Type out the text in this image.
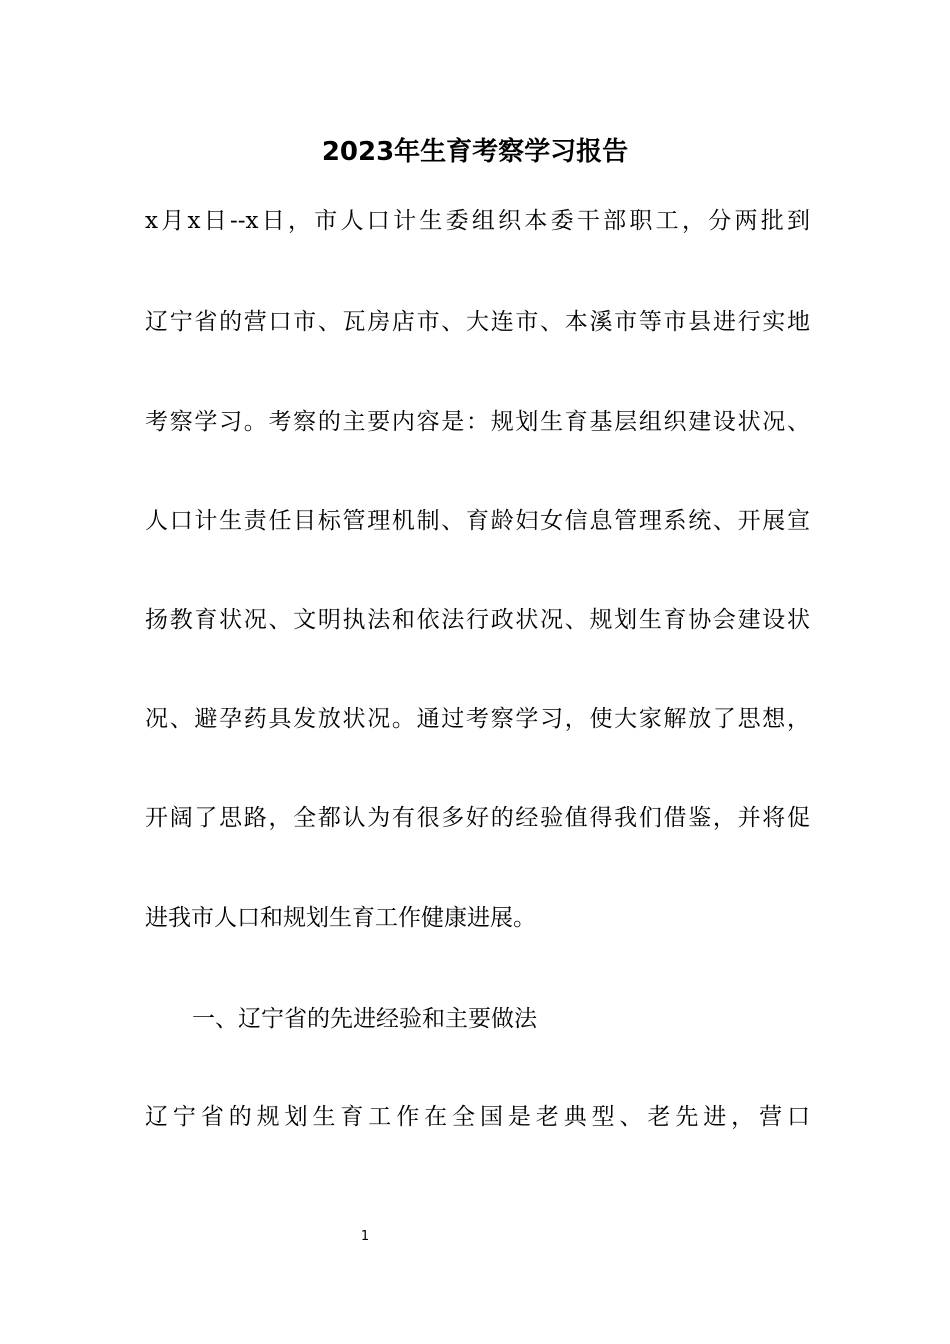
2023年生育考察学习报告
x月x日--x日，市人口计生委组织本委干部职工，分两批到
辽宁省的营口市、瓦房店市、大连市、本溪市等市县进行实地
考察学习。考察的主要内容是：规划生育基层组织建设状况、
人口计生责任目标管理机制、育龄妇女信息管理系统、开展宣
扬教育状况、文明执法和依法行政状况、规划生育协会建设状
况、避孕药具发放状况。通过考察学习，使大家解放了思想，
开阔了思路，全都认为有很多好的经验值得我们借鉴，并将促
进我市人口和规划生育工作健康进展。
一、辽宁省的先进经验和主要做法
辽宁省的规划生育工作在全国是老典型、老先进，营口
1
